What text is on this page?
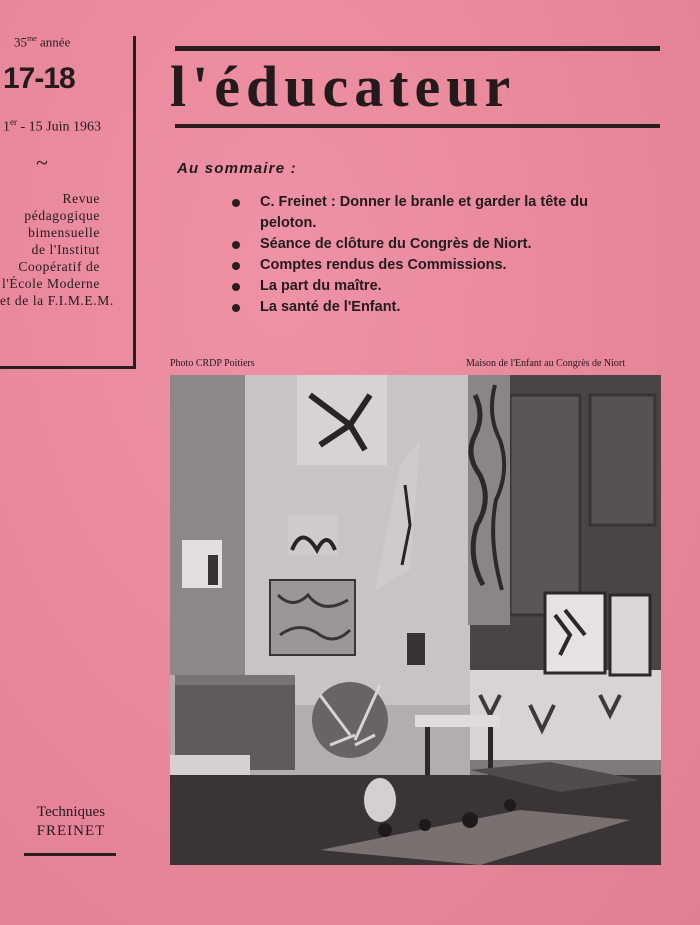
$35^{me}$ année
17-18
1er - 15 Juin 1963
~
Revue
pédagogique
bimensuelle
de l'Institut
Coopératif de
l'École Moderne
et de la F.I.M.E.M.
l'éducateur
Au sommaire :
C. Freinet : Donner le branle et garder la tête du
peloton.
Séance de clôture du Congrès de Niort.
Comptes rendus des Commissions.
La part du maître.
La santé de l'Enfant.
Photo CRDP Poitiers	Maison de l'Enfant au Congrès de Niort
Techniques
FREINET
